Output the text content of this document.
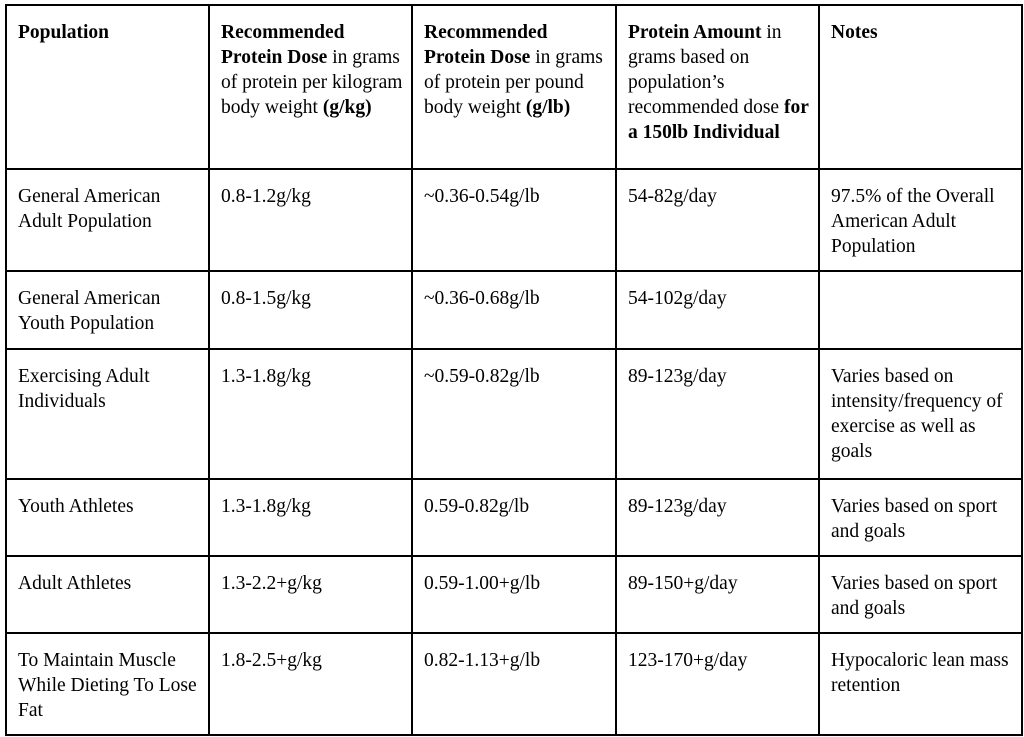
Population	Recommended Protein Dose in grams of protein per kilogram body weight (g/kg)	Recommended Protein Dose in grams of protein per pound body weight (g/lb)	Protein Amount in grams based on population’s recommended dose for a 150lb Individual	Notes
General American Adult Population	0.8-1.2g/kg	~0.36-0.54g/lb	54-82g/day	97.5% of the Overall American Adult Population
General American Youth Population	0.8-1.5g/kg	~0.36-0.68g/lb	54-102g/day	
Exercising Adult Individuals	1.3-1.8g/kg	~0.59-0.82g/lb	89-123g/day	Varies based on intensity/frequency of exercise as well as goals
Youth Athletes	1.3-1.8g/kg	0.59-0.82g/lb	89-123g/day	Varies based on sport and goals
Adult Athletes	1.3-2.2+g/kg	0.59-1.00+g/lb	89-150+g/day	Varies based on sport and goals
To Maintain Muscle While Dieting To Lose Fat	1.8-2.5+g/kg	0.82-1.13+g/lb	123-170+g/day	Hypocaloric lean mass retention
